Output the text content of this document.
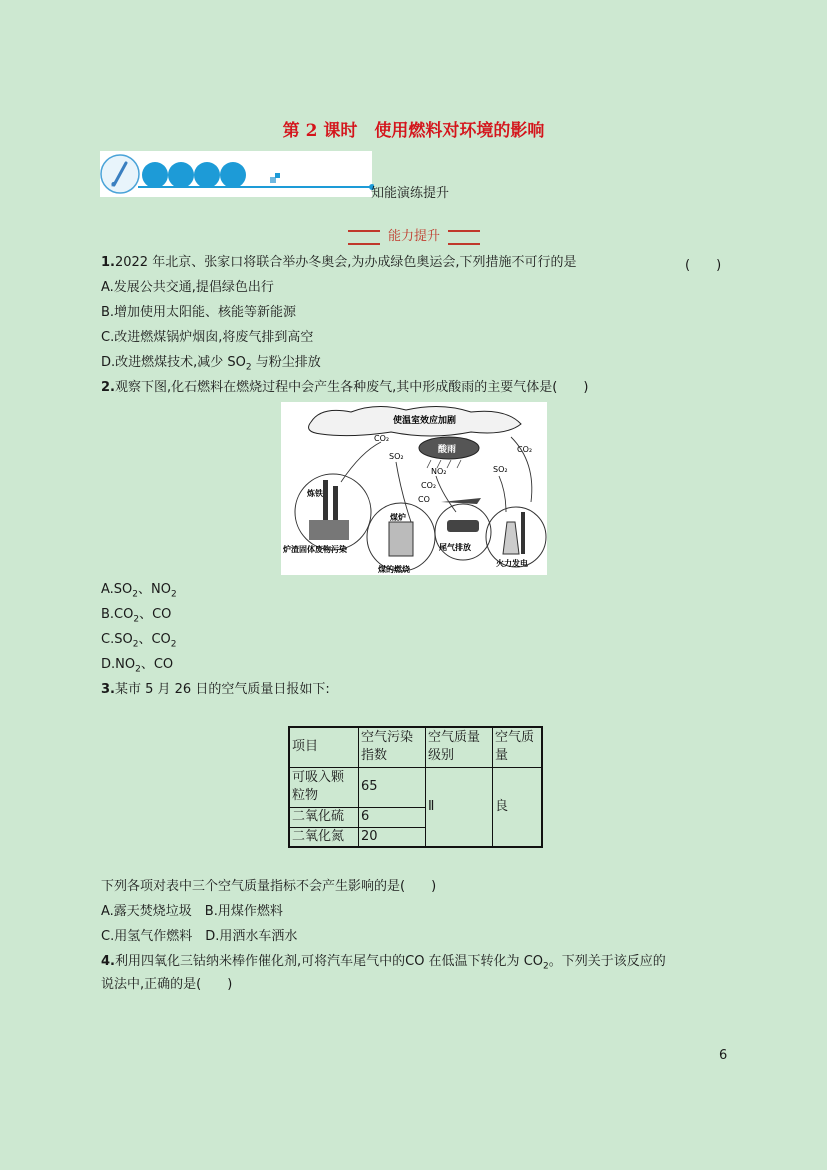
第 2 课时　使用燃料对环境的影响
知能演练提升
能力提升
1.2022 年北京、张家口将联合举办冬奥会,为办成绿色奥运会,下列措施不可行的是	(　　)
A.发展公共交通,提倡绿色出行
B.增加使用太阳能、核能等新能源
C.改进燃煤锅炉烟囱,将废气排到高空
D.改进燃煤技术,减少 $SO_2$ 与粉尘排放
2.观察下图,化石燃料在燃烧过程中会产生各种废气,其中形成酸雨的主要气体是(　　)
使温室效应加剧
酸雨
CO₂
SO₂
NO₂
CO₂
CO
SO₂
CO₂
炼铁
炉渣固体废物污染
煤炉
煤的燃烧
尾气排放
火力发电
$A.SO_2$、$NO_2$
$B.CO_2$、CO
$C.SO_2$、$CO_2$
$D.NO_2$、CO
3.某市 5 月 26 日的空气质量日报如下:
项目	空气污染指数	空气质量级别	空气质量
可吸入颗粒物	65	Ⅱ	良
二氧化硫	6		
二氧化氮	20		
下列各项对表中三个空气质量指标不会产生影响的是(　　)
A.露天焚烧垃圾　B.用煤作燃料
C.用氢气作燃料　D.用洒水车洒水
4.利用四氧化三钴纳米棒作催化剂,可将汽车尾气中的CO 在低温下转化为 $CO_2$。下列关于该反应的
说法中,正确的是(　　)
6
